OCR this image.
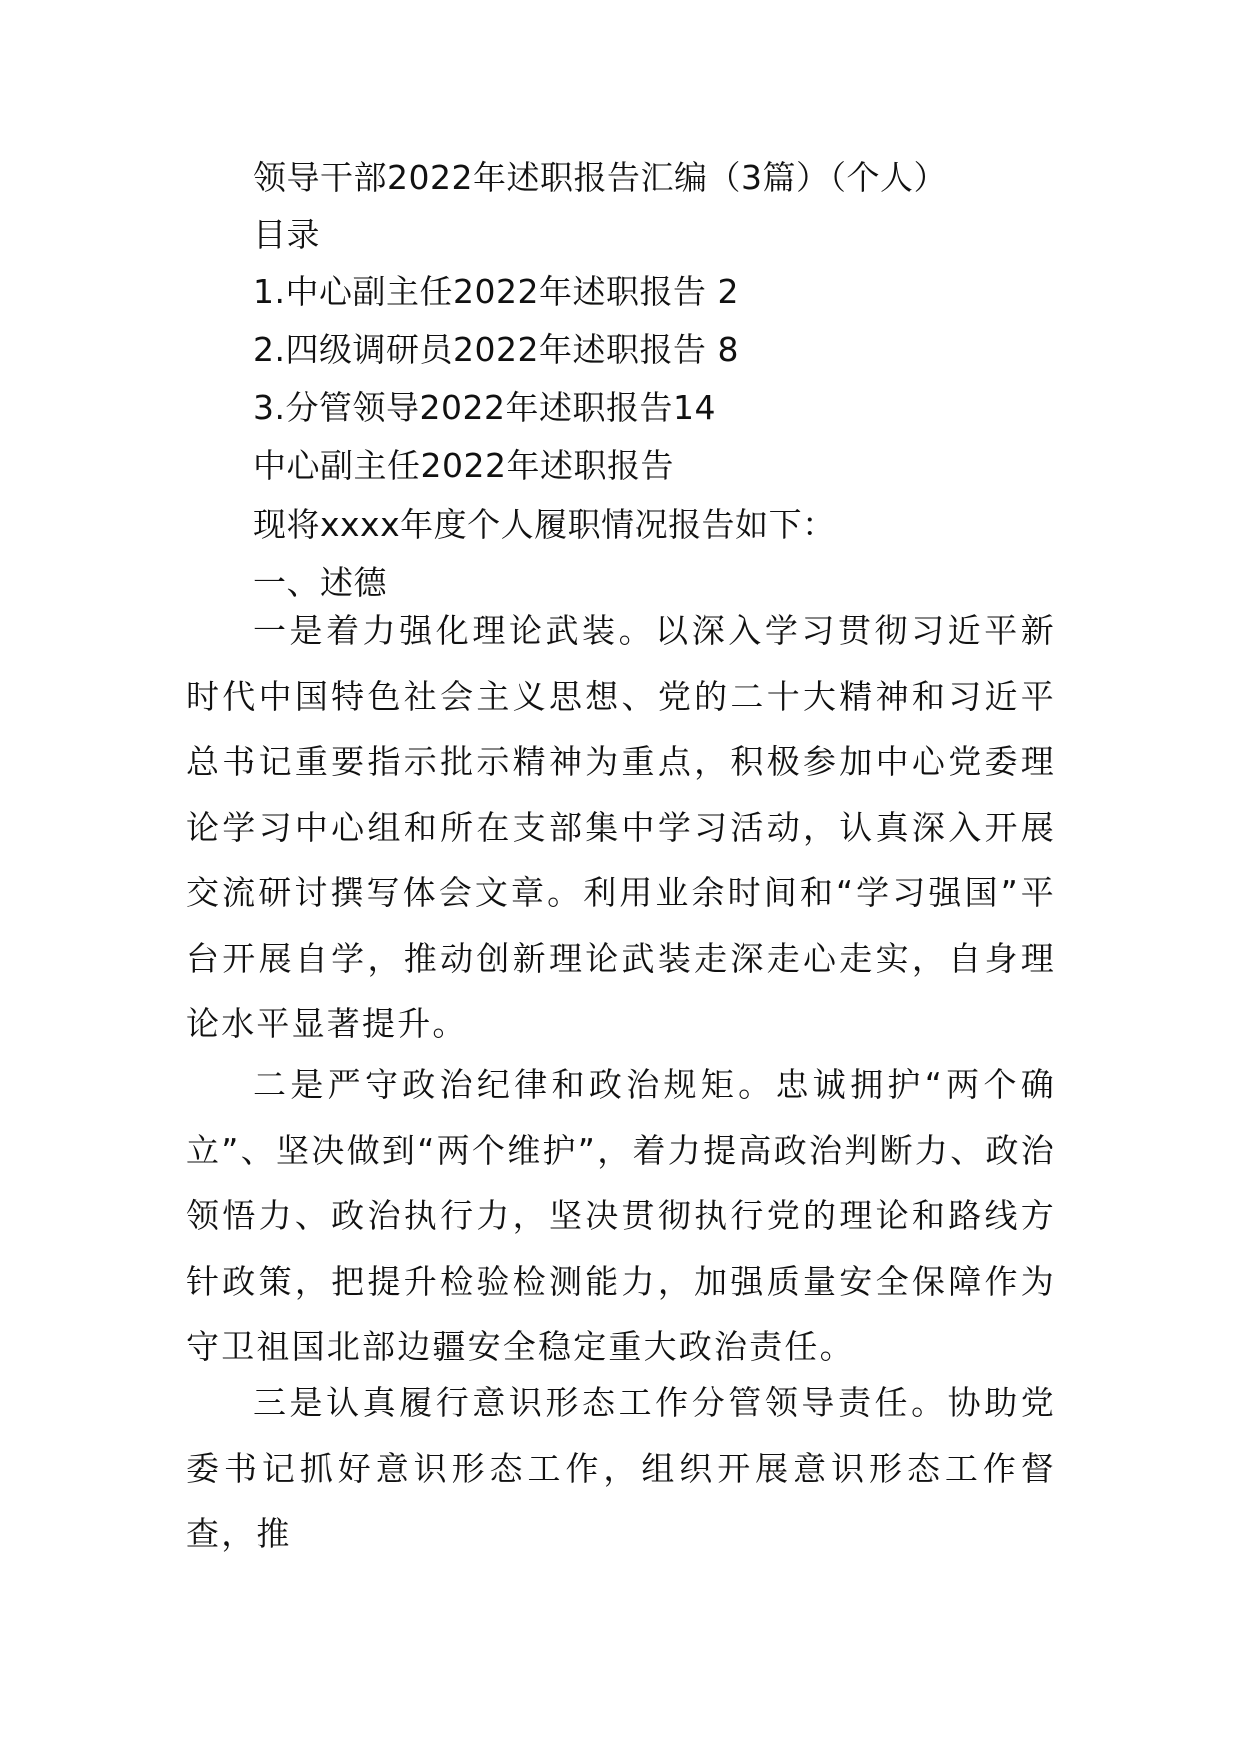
领导干部2022年述职报告汇编（3篇）（个人）
目录
1.中心副主任2022年述职报告 2
2.四级调研员2022年述职报告 8
3.分管领导2022年述职报告14
中心副主任2022年述职报告
现将xxxx年度个人履职情况报告如下：
一、述德

一是着力强化理论武装。以深入学习贯彻习近平新时代中国特色社会主义思想、党的二十大精神和习近平总书记重要指示批示精神为重点，积极参加中心党委理论学习中心组和所在支部集中学习活动，认真深入开展交流研讨撰写体会文章。利用业余时间和“学习强国”平台开展自学，推动创新理论武装走深走心走实，自身理论水平显著提升。

二是严守政治纪律和政治规矩。忠诚拥护“两个确立”、坚决做到“两个维护”，着力提高政治判断力、政治领悟力、政治执行力，坚决贯彻执行党的理论和路线方针政策，把提升检验检测能力，加强质量安全保障作为守卫祖国北部边疆安全稳定重大政治责任。

三是认真履行意识形态工作分管领导责任。协助党委书记抓好意识形态工作，组织开展意识形态工作督查，推
